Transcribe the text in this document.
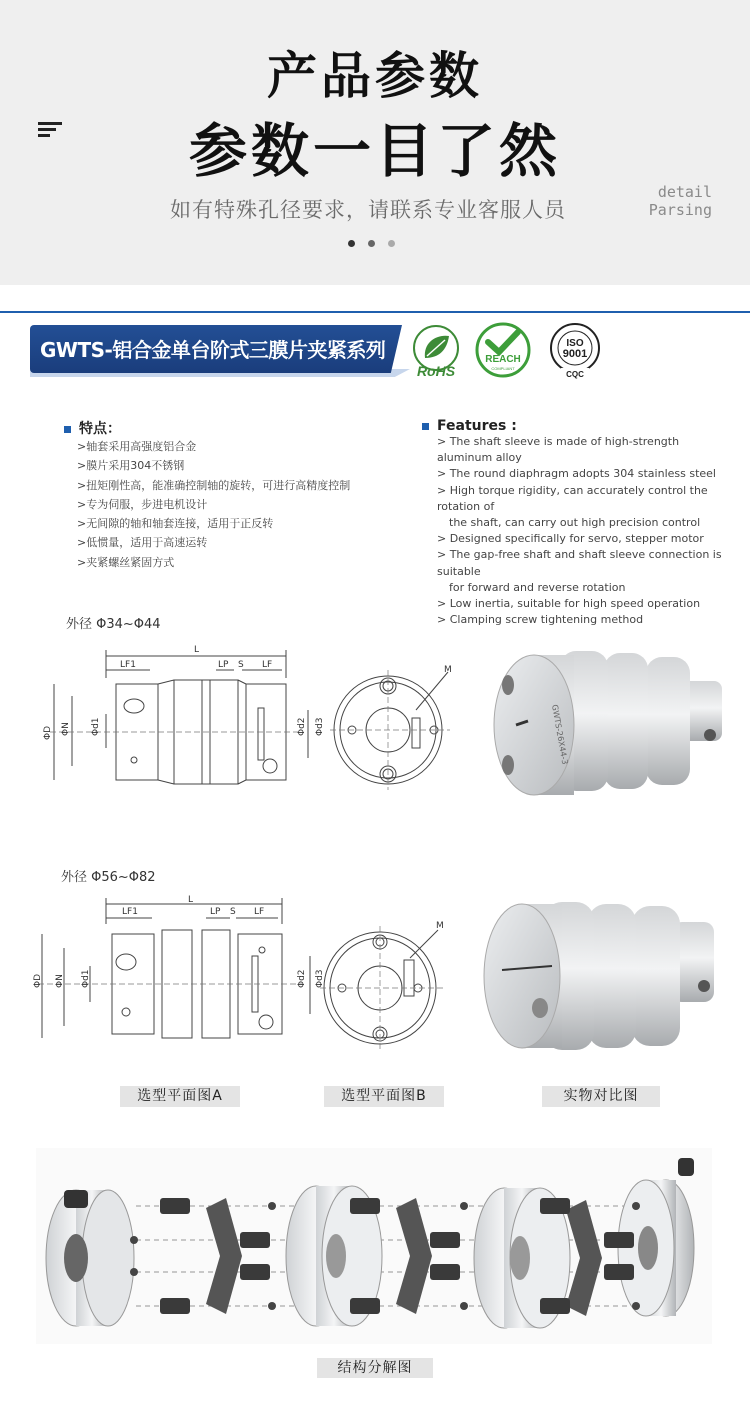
产品参数
参数一目了然
如有特殊孔径要求，请联系专业客服人员
detail
Parsing
GWTS-铝合金单台阶式三膜片夹紧系列
RoHS
REACH
COMPLIANT
ISO
9001
CQC
特点：
>轴套采用高强度铝合金
>膜片采用304不锈钢
>扭矩刚性高，能准确控制轴的旋转，可进行高精度控制
>专为伺服，步进电机设计
>无间隙的轴和轴套连接，适用于正反转
>低惯量，适用于高速运转
>夹紧螺丝紧固方式
Features :
> The shaft sleeve is made of high-strength aluminum alloy
> The round diaphragm adopts 304 stainless steel
> High torque rigidity, can accurately control the rotation of
the shaft, can carry out high precision control
> Designed specifically for servo, stepper motor
> The gap-free shaft and shaft sleeve connection is suitable
for forward and reverse rotation
> Low inertia, suitable for high speed operation
> Clamping screw tightening method
外径 Φ34~Φ44
L
LF1	LP S LF
ΦD ΦN Φd1	Φd2 Φd3
M
GWTS-26X44-3
外径 Φ56~Φ82
L
LF1	LP S LF
ΦD ΦN Φd1	Φd2 Φd3
M
选型平面图A	选型平面图B	实物对比图
结构分解图
